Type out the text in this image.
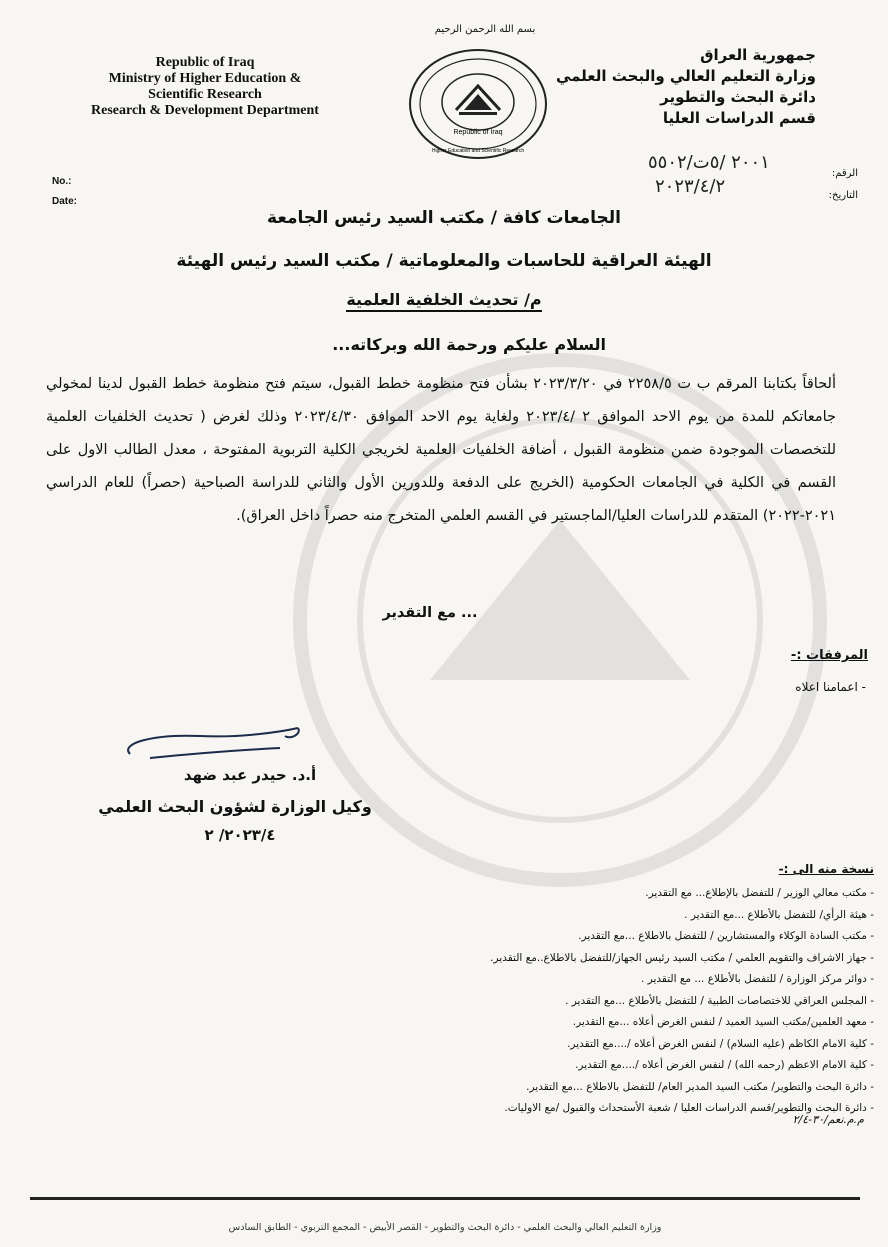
Republic of Iraq
Ministry of Higher Education &
Scientific Research
Research & Development Department
بسم الله الرحمن الرحيم
Republic of Iraq
Higher Education and Scientific Research
جمهورية العراق
وزارة التعليم العالي والبحث العلمي
دائرة البحث والتطوير
قسم الدراسات العليا
No.:
Date:
الرقم:
التاريخ:
٢٠٠١ /٥ت/٥٥٠٢
٢٠٢٣/٤/٢
الجامعات كافة / مكتب السيد رئيس الجامعة
الهيئة العراقية للحاسبات والمعلوماتية / مكتب السيد رئيس الهيئة
م/ تحديث الخلفية العلمية
السلام عليكم ورحمة الله وبركاته...
ألحاقاً بكتابنا المرقم ب ت ٢٢٥٨/٥ في ٢٠٢٣/٣/٢٠ بشأن فتح منظومة خطط القبول، سيتم فتح منظومة خطط القبول لدينا لمخولي جامعاتكم للمدة من يوم الاحد الموافق ٢ /٢٠٢٣/٤ ولغاية يوم الاحد الموافق ٢٠٢٣/٤/٣٠ وذلك لغرض ( تحديث الخلفيات العلمية للتخصصات الموجودة ضمن منظومة القبول ، أضافة الخلفيات العلمية لخريجي الكلية التربوية المفتوحة ، معدل الطالب الاول على القسم في الكلية في الجامعات الحكومية (الخريج على الدفعة وللدورين الأول والثاني للدراسة الصباحية (حصراً) للعام الدراسي ٢٠٢١-٢٠٢٢) المتقدم للدراسات العليا/الماجستير في القسم العلمي المتخرج منه حصراً داخل العراق).
... مع التقدير
المرفقات :-
- اعمامنا اعلاه
أ.د. حيدر عبد ضهد
وكيل الوزارة لشؤون البحث العلمي
٢٠٢٣/٤/ ٢
نسخة منه الى :-
- مكتب معالي الوزير / للتفضل بالإطلاع... مع التقدير.
- هيئة الرأي/ للتفضل بالأطلاع ...مع التقدير .
- مكتب السادة الوكلاء والمستشارين / للتفضل بالاطلاع ...مع التقدير.
- جهاز الاشراف والتقويم العلمي / مكتب السيد رئيس الجهاز/للتفضل بالاطلاع..مع التقدير.
- دوائر مركز الوزارة / للتفضل بالأطلاع ... مع التقدير .
- المجلس العراقي للاختصاصات الطبية / للتفضل بالأطلاع ...مع التقدير .
- معهد العلمين/مكتب السيد العميد / لنفس الغرض أعلاه ...مع التقدير.
- كلية الامام الكاظم (عليه السلام) / لنفس الغرض أعلاه /....مع التقدير.
- كلية الامام الاعظم (رحمه الله) / لنفس الغرض أعلاه /....مع التقدير.
- دائرة البحث والتطوير/ مكتب السيد المدير العام/ للتفضل بالاطلاع ...مع التقدير.
- دائرة البحث والتطوير/قسم الدراسات العليا / شعبة الأستحداث والقبول /مع الاوليات.
م.م.نعم/٣٠-٢/٤
وزارة التعليم العالي والبحث العلمي - دائرة البحث والتطوير - القصر الأبيض - المجمع التربوي - الطابق السادس
